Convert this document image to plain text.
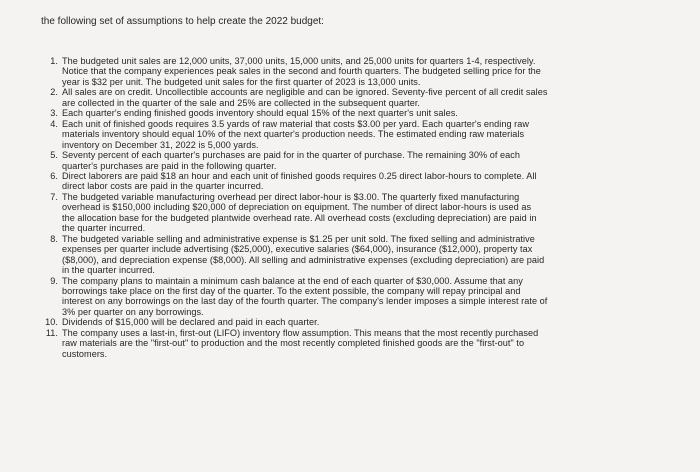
the following set of assumptions to help create the 2022 budget:
1. The budgeted unit sales are 12,000 units, 37,000 units, 15,000 units, and 25,000 units for quarters 1-4, respectively.
Notice that the company experiences peak sales in the second and fourth quarters. The budgeted selling price for the
year is $32 per unit. The budgeted unit sales for the first quarter of 2023 is 13,000 units.

2. All sales are on credit. Uncollectible accounts are negligible and can be ignored. Seventy-five percent of all credit sales
are collected in the quarter of the sale and 25% are collected in the subsequent quarter.

3. Each quarter's ending finished goods inventory should equal 15% of the next quarter's unit sales.

4. Each unit of finished goods requires 3.5 yards of raw material that costs $3.00 per yard. Each quarter's ending raw
materials inventory should equal 10% of the next quarter's production needs. The estimated ending raw materials
inventory on December 31, 2022 is 5,000 yards.

5. Seventy percent of each quarter's purchases are paid for in the quarter of purchase. The remaining 30% of each
quarter's purchases are paid in the following quarter.

6. Direct laborers are paid $18 an hour and each unit of finished goods requires 0.25 direct labor-hours to complete. All
direct labor costs are paid in the quarter incurred.

7. The budgeted variable manufacturing overhead per direct labor-hour is $3.00. The quarterly fixed manufacturing
overhead is $150,000 including $20,000 of depreciation on equipment. The number of direct labor-hours is used as
the allocation base for the budgeted plantwide overhead rate. All overhead costs (excluding depreciation) are paid in
the quarter incurred.

8. The budgeted variable selling and administrative expense is $1.25 per unit sold. The fixed selling and administrative
expenses per quarter include advertising ($25,000), executive salaries ($64,000), insurance ($12,000), property tax
($8,000), and depreciation expense ($8,000). All selling and administrative expenses (excluding depreciation) are paid
in the quarter incurred.

9. The company plans to maintain a minimum cash balance at the end of each quarter of $30,000. Assume that any
borrowings take place on the first day of the quarter. To the extent possible, the company will repay principal and
interest on any borrowings on the last day of the fourth quarter. The company's lender imposes a simple interest rate of
3% per quarter on any borrowings.

10. Dividends of $15,000 will be declared and paid in each quarter.

11. The company uses a last-in, first-out (LIFO) inventory flow assumption. This means that the most recently purchased
raw materials are the "first-out" to production and the most recently completed finished goods are the "first-out" to
customers.
